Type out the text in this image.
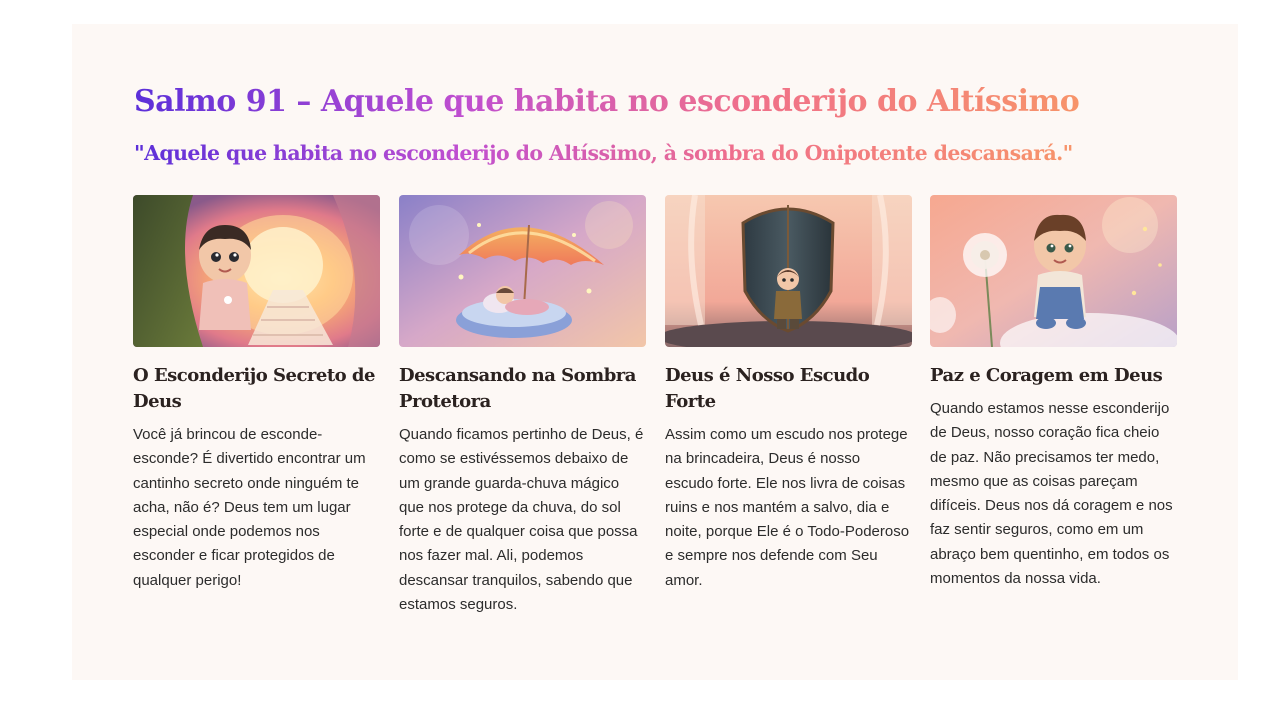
Salmo 91 – Aquele que habita no esconderijo do Altíssimo
"Aquele que habita no esconderijo do Altíssimo, à sombra do Onipotente descansará."
O Esconderijo Secreto de Deus

Você já brincou de esconde-esconde? É divertido encontrar um cantinho secreto onde ninguém te acha, não é? Deus tem um lugar especial onde podemos nos esconder e ficar protegidos de qualquer perigo!

Descansando na Sombra Protetora

Quando ficamos pertinho de Deus, é como se estivéssemos debaixo de um grande guarda-chuva mágico que nos protege da chuva, do sol forte e de qualquer coisa que possa nos fazer mal. Ali, podemos descansar tranquilos, sabendo que estamos seguros.

Deus é Nosso Escudo Forte

Assim como um escudo nos protege na brincadeira, Deus é nosso escudo forte. Ele nos livra de coisas ruins e nos mantém a salvo, dia e noite, porque Ele é o Todo-Poderoso e sempre nos defende com Seu amor.

Paz e Coragem em Deus

Quando estamos nesse esconderijo de Deus, nosso coração fica cheio de paz. Não precisamos ter medo, mesmo que as coisas pareçam difíceis. Deus nos dá coragem e nos faz sentir seguros, como em um abraço bem quentinho, em todos os momentos da nossa vida.
